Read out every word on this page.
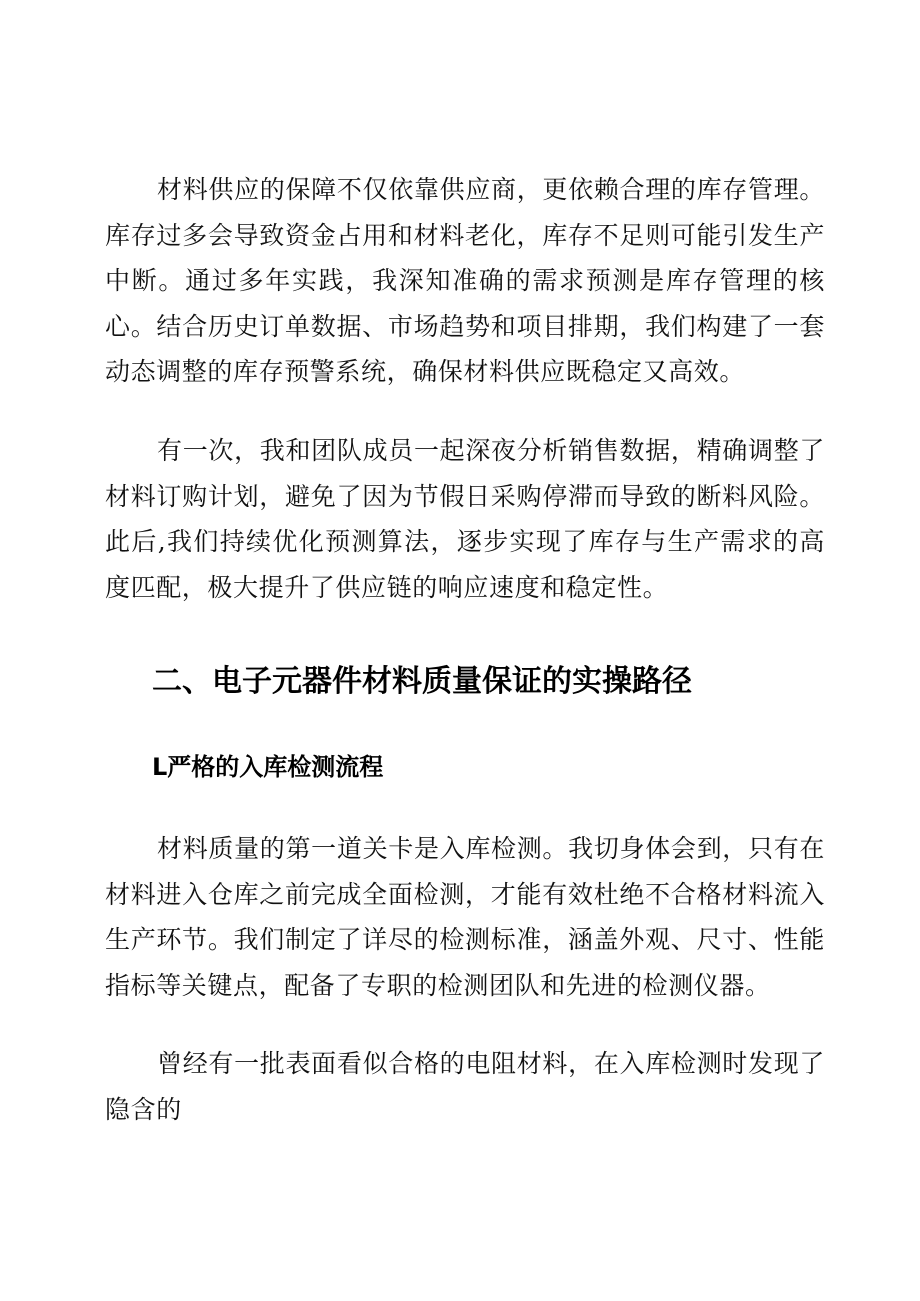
材料供应的保障不仅依靠供应商，更依赖合理的库存管理。库存过多会导致资金占用和材料老化，库存不足则可能引发生产中断。通过多年实践，我深知准确的需求预测是库存管理的核心。结合历史订单数据、市场趋势和项目排期，我们构建了一套动态调整的库存预警系统，确保材料供应既稳定又高效。

有一次，我和团队成员一起深夜分析销售数据，精确调整了材料订购计划，避免了因为节假日采购停滞而导致的断料风险。此后,我们持续优化预测算法，逐步实现了库存与生产需求的高度匹配，极大提升了供应链的响应速度和稳定性。

二、电子元器件材料质量保证的实操路径
L严格的入库检测流程

材料质量的第一道关卡是入库检测。我切身体会到，只有在材料进入仓库之前完成全面检测，才能有效杜绝不合格材料流入生产环节。我们制定了详尽的检测标准，涵盖外观、尺寸、性能指标等关键点，配备了专职的检测团队和先进的检测仪器。

曾经有一批表面看似合格的电阻材料，在入库检测时发现了隐含的
